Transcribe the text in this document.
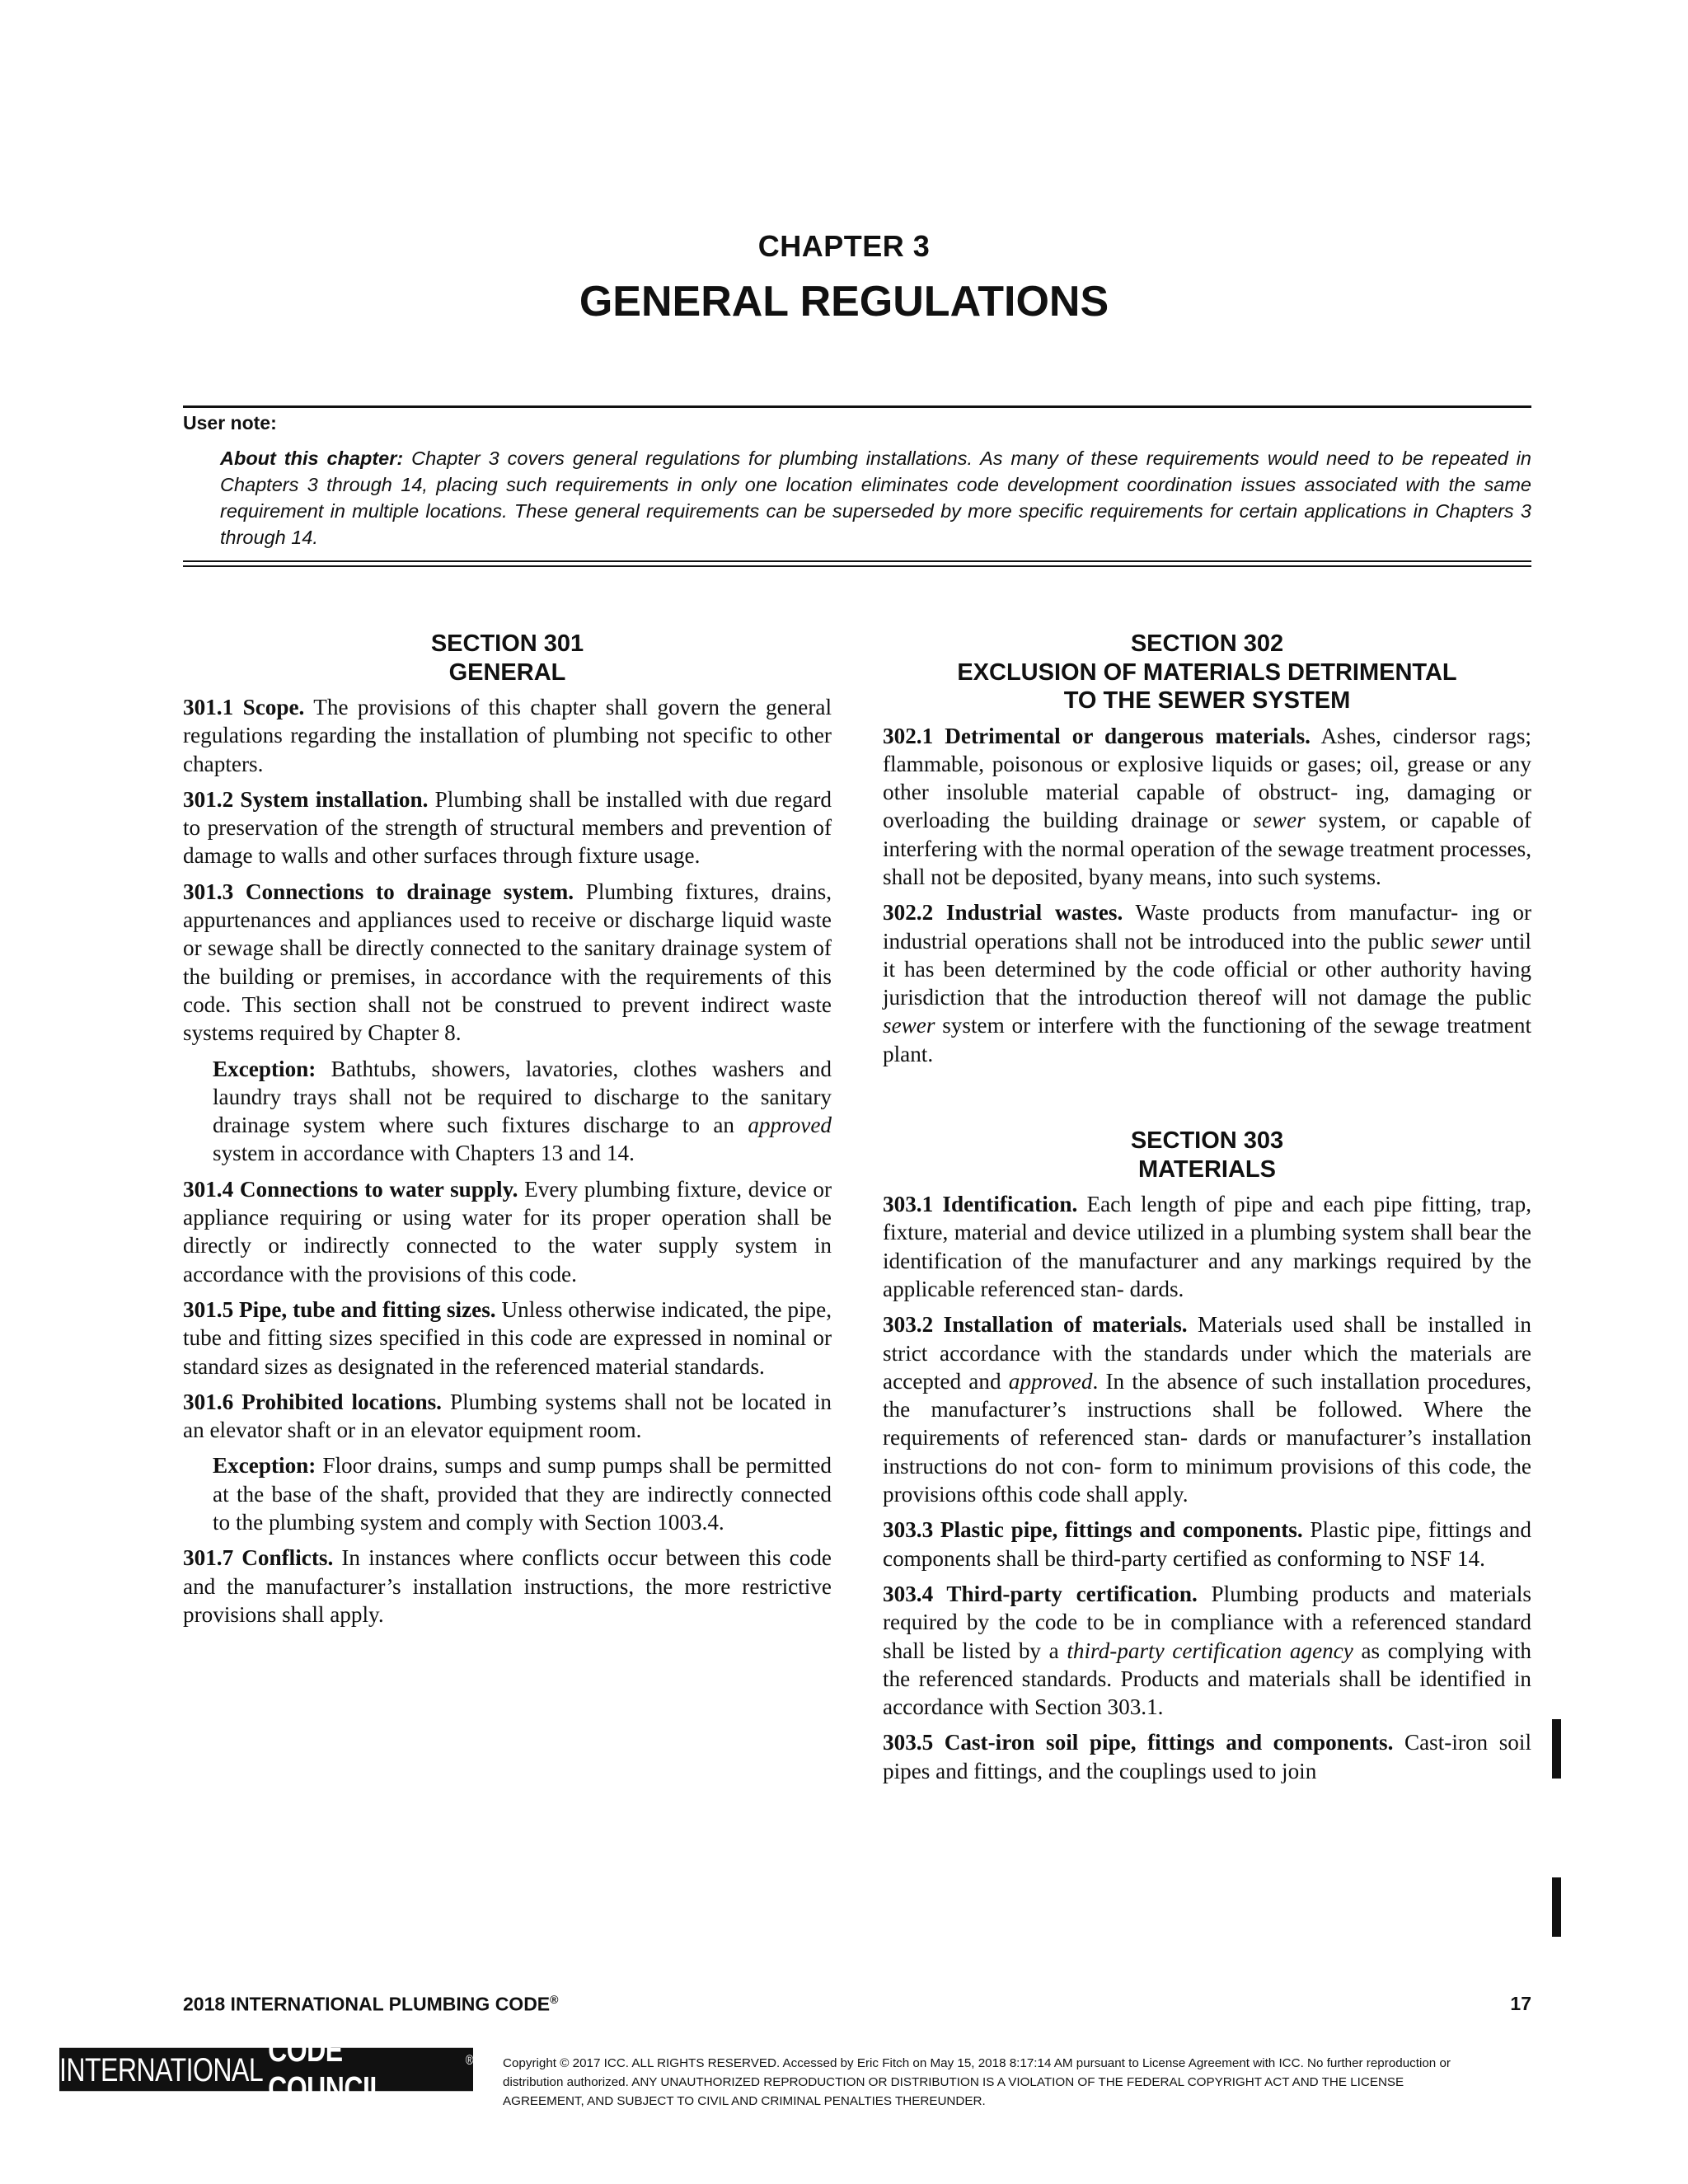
CHAPTER 3
GENERAL REGULATIONS
User note:
About this chapter: Chapter 3 covers general regulations for plumbing installations. As many of these requirements would need to be repeated in Chapters 3 through 14, placing such requirements in only one location eliminates code development coordination issues associated with the same requirement in multiple locations. These general requirements can be superseded by more specific requirements for certain applications in Chapters 3 through 14.
SECTION 301
GENERAL

301.1 Scope. The provisions of this chapter shall govern the general regulations regarding the installation of plumbing not specific to other chapters.

301.2 System installation. Plumbing shall be installed with due regard to preservation of the strength of structural members and prevention of damage to walls and other surfaces through fixture usage.

301.3 Connections to drainage system. Plumbing fixtures, drains, appurtenances and appliances used to receive or discharge liquid waste or sewage shall be directly connected to the sanitary drainage system of the building or premises, in accordance with the requirements of this code. This section shall not be construed to prevent indirect waste systems required by Chapter 8.

Exception: Bathtubs, showers, lavatories, clothes washers and laundry trays shall not be required to discharge to the sanitary drainage system where such fixtures discharge to an approved system in accordance with Chapters 13 and 14.

301.4 Connections to water supply. Every plumbing fixture, device or appliance requiring or using water for its proper operation shall be directly or indirectly connected to the water supply system in accordance with the provisions of this code.

301.5 Pipe, tube and fitting sizes. Unless otherwise indicated, the pipe, tube and fitting sizes specified in this code are expressed in nominal or standard sizes as designated in the referenced material standards.

301.6 Prohibited locations. Plumbing systems shall not be located in an elevator shaft or in an elevator equipment room.

Exception: Floor drains, sumps and sump pumps shall be permitted at the base of the shaft, provided that they are indirectly connected to the plumbing system and comply with Section 1003.4.

301.7 Conflicts. In instances where conflicts occur between this code and the manufacturer’s installation instructions, the more restrictive provisions shall apply.

SECTION 302
EXCLUSION OF MATERIALS DETRIMENTAL
TO THE SEWER SYSTEM

302.1 Detrimental or dangerous materials. Ashes, cindersor rags; flammable, poisonous or explosive liquids or gases; oil, grease or any other insoluble material capable of obstruct- ing, damaging or overloading the building drainage or sewer system, or capable of interfering with the normal operation of the sewage treatment processes, shall not be deposited, byany means, into such systems.

302.2 Industrial wastes. Waste products from manufactur- ing or industrial operations shall not be introduced into the public sewer until it has been determined by the code official or other authority having jurisdiction that the introduction thereof will not damage the public sewer system or interfere with the functioning of the sewage treatment plant.

SECTION 303
MATERIALS

303.1 Identification. Each length of pipe and each pipe fitting, trap, fixture, material and device utilized in a plumbing system shall bear the identification of the manufacturer and any markings required by the applicable referenced stan- dards.

303.2 Installation of materials. Materials used shall be installed in strict accordance with the standards under which the materials are accepted and approved. In the absence of such installation procedures, the manufacturer’s instructions shall be followed. Where the requirements of referenced stan- dards or manufacturer’s installation instructions do not con- form to minimum provisions of this code, the provisions ofthis code shall apply.

303.3 Plastic pipe, fittings and components. Plastic pipe, fittings and components shall be third-party certified as conforming to NSF 14.

303.4 Third-party certification. Plumbing products and materials required by the code to be in compliance with a referenced standard shall be listed by a third-party certification agency as complying with the referenced standards. Products and materials shall be identified in accordance with Section 303.1.

303.5 Cast-iron soil pipe, fittings and components. Cast-iron soil pipes and fittings, and the couplings used to join

2018 INTERNATIONAL PLUMBING CODE®	17
INTERNATIONAL
CODE COUNCIL
® Copyright © 2017 ICC. ALL RIGHTS RESERVED. Accessed by Eric Fitch on May 15, 2018 8:17:14 AM pursuant to License Agreement with ICC. No further reproduction or
distribution authorized. ANY UNAUTHORIZED REPRODUCTION OR DISTRIBUTION IS A VIOLATION OF THE FEDERAL COPYRIGHT ACT AND THE LICENSE
AGREEMENT, AND SUBJECT TO CIVIL AND CRIMINAL PENALTIES THEREUNDER.
